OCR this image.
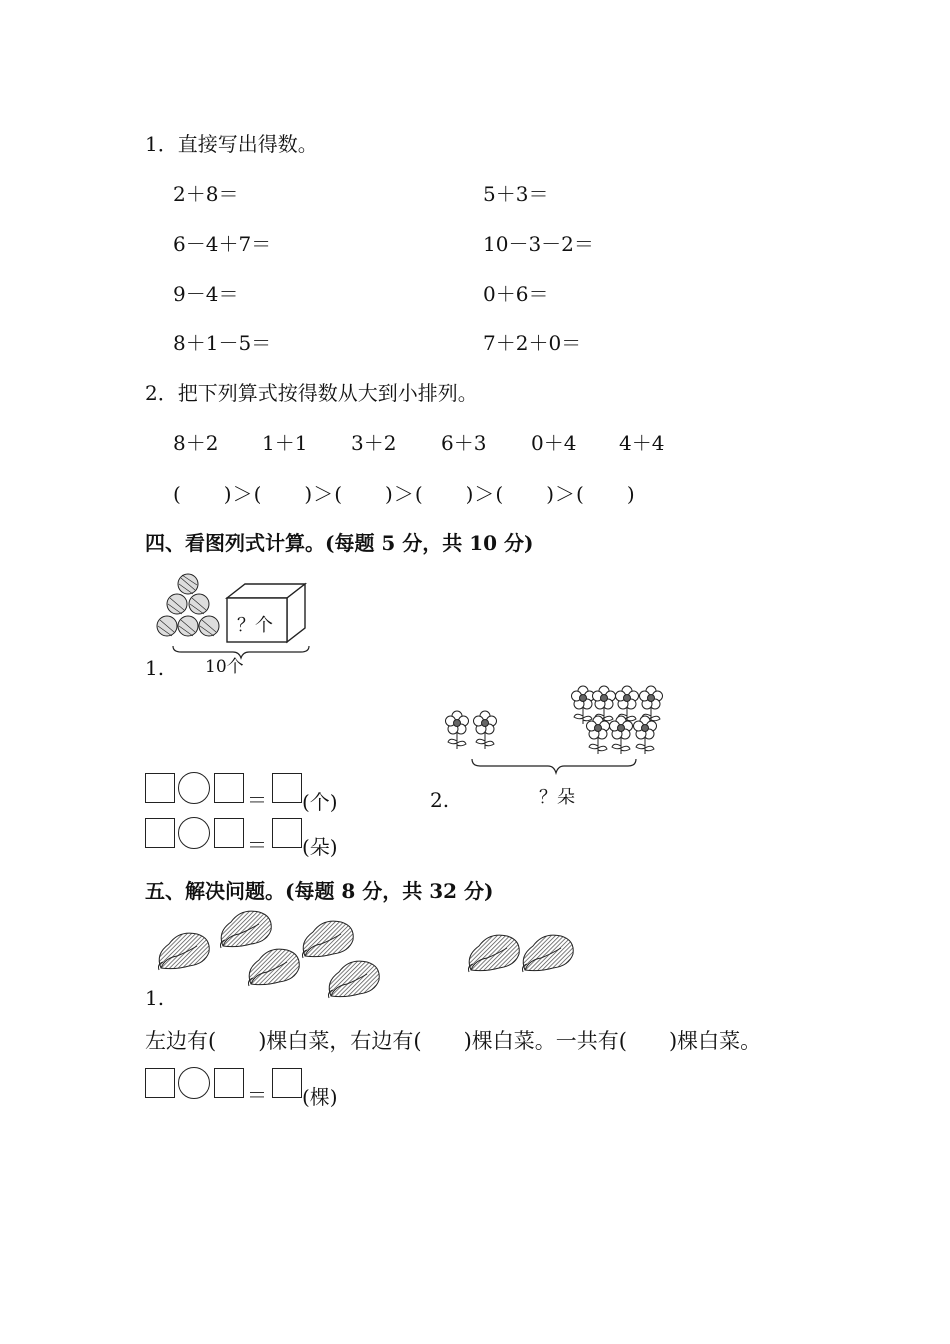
1．直接写出得数。
2＋8＝	5＋3＝
6－4＋7＝	10－3－2＝
9－4＝	0＋6＝
8＋1－5＝	7＋2＋0＝
2．把下列算式按得数从大到小排列。
8＋2 1＋1 3＋2 6＋3 0＋4 4＋4
(　　)＞(　　)＞(　　)＞(　　)＞(　　)＞(　　)
四、看图列式计算。(每题 5 分，共 10 分)
？个
10个
1.
？朵
2.
＝ (个)
＝ (朵)
五、解决问题。(每题 8 分，共 32 分)
1.
左边有(　　)棵白菜，右边有(　　)棵白菜。一共有(　　)棵白菜。
＝ (棵)
